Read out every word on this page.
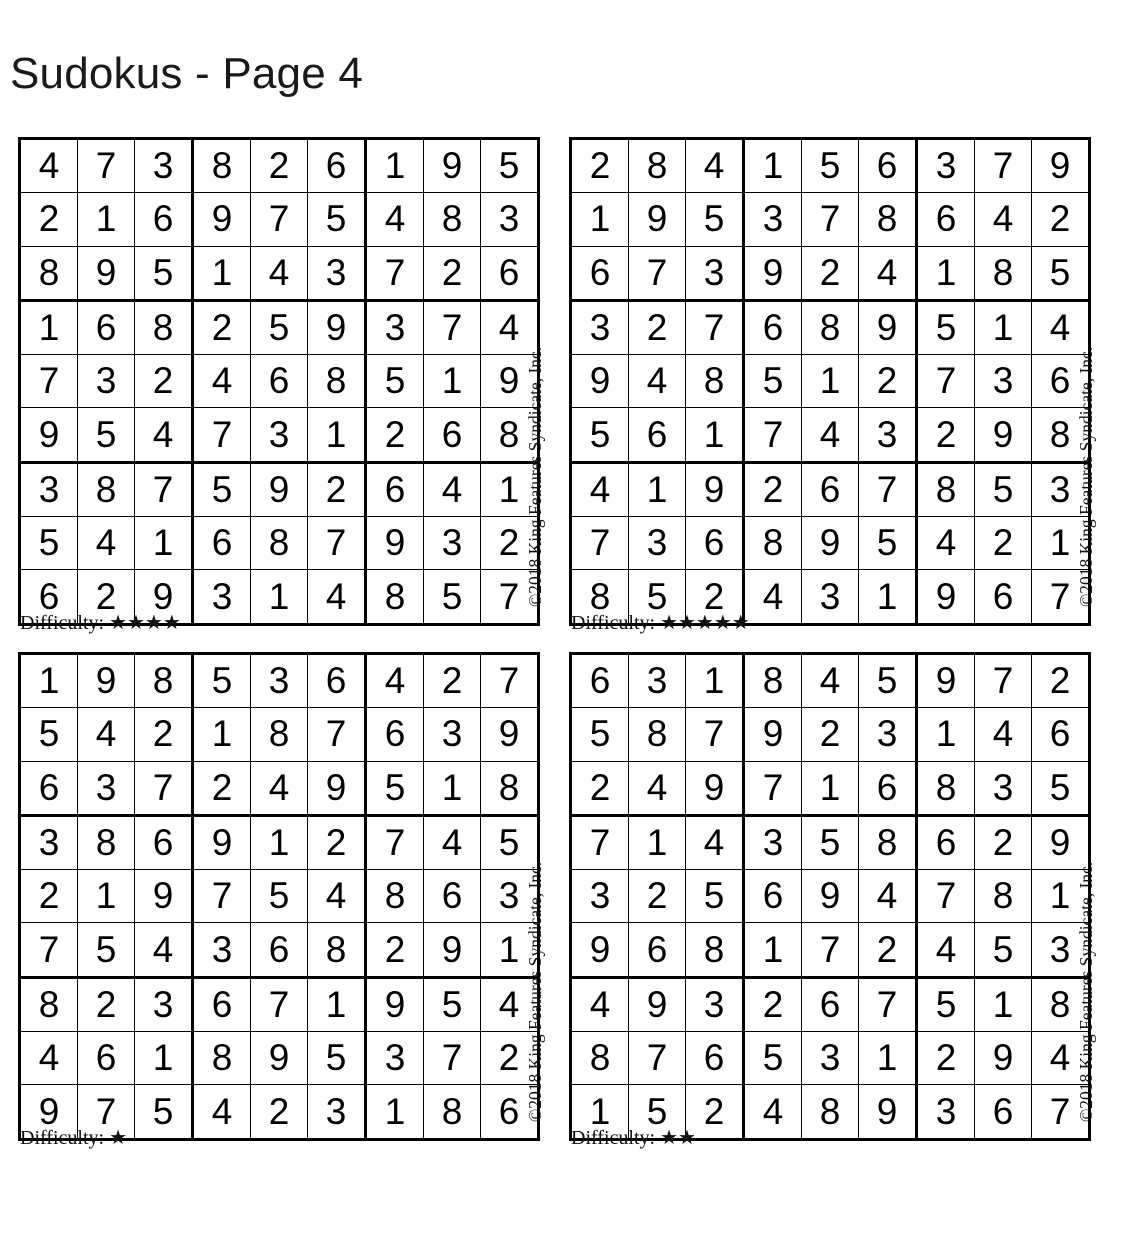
Sudokus - Page 4
4	7	3	8	2	6	1	9	5
2	1	6	9	7	5	4	8	3
8	9	5	1	4	3	7	2	6
1	6	8	2	5	9	3	7	4
7	3	2	4	6	8	5	1	9
9	5	4	7	3	1	2	6	8
3	8	7	5	9	2	6	4	1
5	4	1	6	8	7	9	3	2
6	2	9	3	1	4	8	5	7
Difficulty: ★★★★
©2018 King Features Syndicate, Inc.
2	8	4	1	5	6	3	7	9
1	9	5	3	7	8	6	4	2
6	7	3	9	2	4	1	8	5
3	2	7	6	8	9	5	1	4
9	4	8	5	1	2	7	3	6
5	6	1	7	4	3	2	9	8
4	1	9	2	6	7	8	5	3
7	3	6	8	9	5	4	2	1
8	5	2	4	3	1	9	6	7
Difficulty: ★★★★★
©2018 King Features Syndicate, Inc.
1	9	8	5	3	6	4	2	7
5	4	2	1	8	7	6	3	9
6	3	7	2	4	9	5	1	8
3	8	6	9	1	2	7	4	5
2	1	9	7	5	4	8	6	3
7	5	4	3	6	8	2	9	1
8	2	3	6	7	1	9	5	4
4	6	1	8	9	5	3	7	2
9	7	5	4	2	3	1	8	6
Difficulty: ★
©2018 King Features Syndicate, Inc.
6	3	1	8	4	5	9	7	2
5	8	7	9	2	3	1	4	6
2	4	9	7	1	6	8	3	5
7	1	4	3	5	8	6	2	9
3	2	5	6	9	4	7	8	1
9	6	8	1	7	2	4	5	3
4	9	3	2	6	7	5	1	8
8	7	6	5	3	1	2	9	4
1	5	2	4	8	9	3	6	7
Difficulty: ★★
©2018 King Features Syndicate, Inc.
